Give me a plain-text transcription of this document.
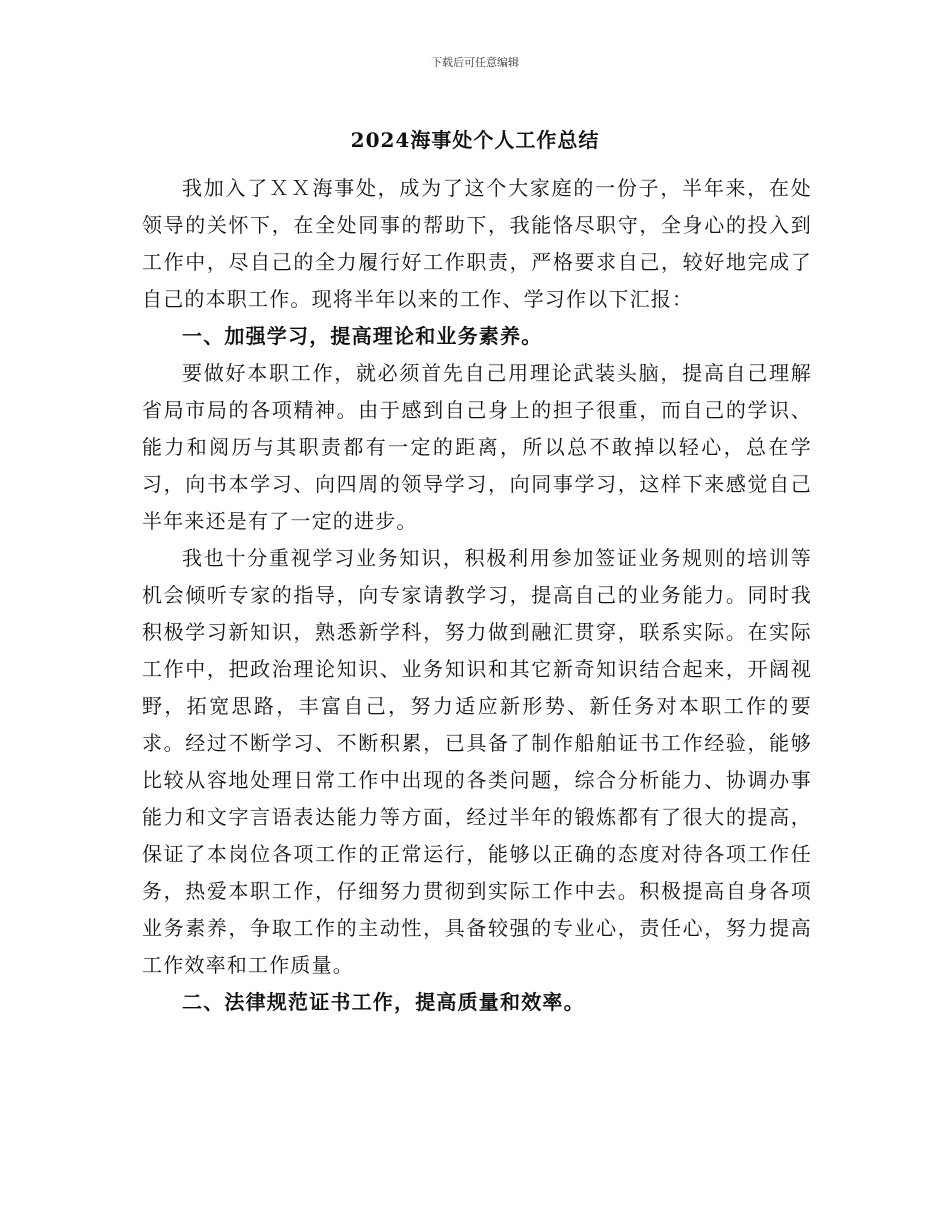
下载后可任意编辑
2024海事处个人工作总结

我加入了ＸＸ海事处，成为了这个大家庭的一份子，半年来，在处领导的关怀下，在全处同事的帮助下，我能恪尽职守，全身心的投入到工作中，尽自己的全力履行好工作职责，严格要求自己，较好地完成了自己的本职工作。现将半年以来的工作、学习作以下汇报：

一、加强学习，提高理论和业务素养。

要做好本职工作，就必须首先自己用理论武装头脑，提高自己理解省局市局的各项精神。由于感到自己身上的担子很重，而自己的学识、能力和阅历与其职责都有一定的距离，所以总不敢掉以轻心，总在学习，向书本学习、向四周的领导学习，向同事学习，这样下来感觉自己半年来还是有了一定的进步。

我也十分重视学习业务知识，积极利用参加签证业务规则的培训等机会倾听专家的指导，向专家请教学习，提高自己的业务能力。同时我积极学习新知识，熟悉新学科，努力做到融汇贯穿，联系实际。在实际工作中，把政治理论知识、业务知识和其它新奇知识结合起来，开阔视野，拓宽思路，丰富自己，努力适应新形势、新任务对本职工作的要求。经过不断学习、不断积累，已具备了制作船舶证书工作经验，能够比较从容地处理日常工作中出现的各类问题，综合分析能力、协调办事能力和文字言语表达能力等方面，经过半年的锻炼都有了很大的提高，保证了本岗位各项工作的正常运行，能够以正确的态度对待各项工作任务，热爱本职工作，仔细努力贯彻到实际工作中去。积极提高自身各项业务素养，争取工作的主动性，具备较强的专业心，责任心，努力提高工作效率和工作质量。

二、法律规范证书工作，提高质量和效率。
